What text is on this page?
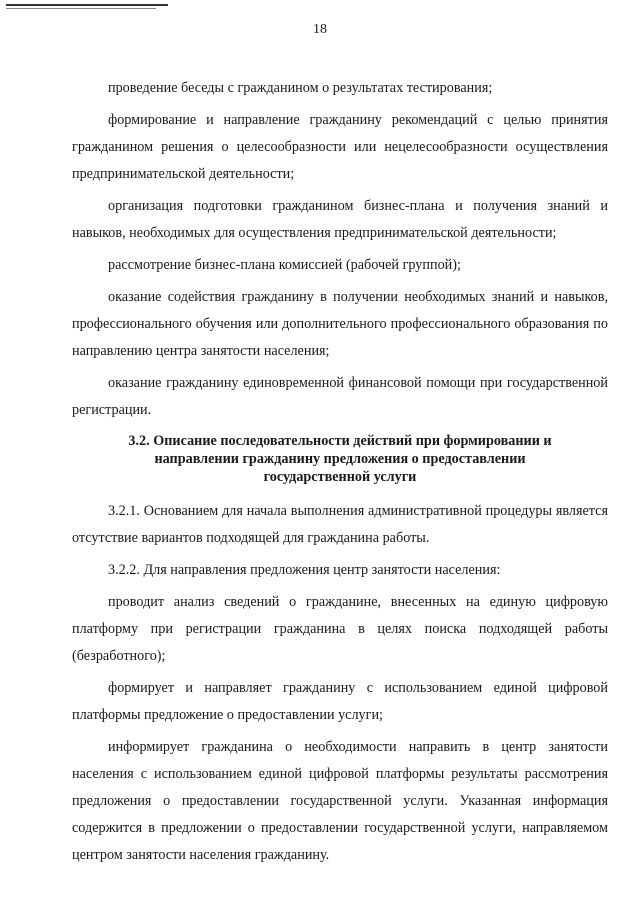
18

проведение беседы с гражданином о результатах тестирования;

формирование и направление гражданину рекомендаций с целью принятия гражданином решения о целесообразности или нецелесообразности осуществления предпринимательской деятельности;

организация подготовки гражданином бизнес-плана и получения знаний и навыков, необходимых для осуществления предпринимательской деятельности;

рассмотрение бизнес-плана комиссией (рабочей группой);

оказание содействия гражданину в получении необходимых знаний и навыков, профессионального обучения или дополнительного профессионального образования по направлению центра занятости населения;

оказание гражданину единовременной финансовой помощи при государственной регистрации.

3.2. Описание последовательности действий при формировании и направлении гражданину предложения о предоставлении государственной услуги

3.2.1. Основанием для начала выполнения административной процедуры является отсутствие вариантов подходящей для гражданина работы.

3.2.2. Для направления предложения центр занятости населения:

проводит анализ сведений о гражданине, внесенных на единую цифровую платформу при регистрации гражданина в целях поиска подходящей работы (безработного);

формирует и направляет гражданину с использованием единой цифровой платформы предложение о предоставлении услуги;

информирует гражданина о необходимости направить в центр занятости населения с использованием единой цифровой платформы результаты рассмотрения предложения о предоставлении государственной услуги. Указанная информация содержится в предложении о предоставлении государственной услуги, направляемом центром занятости населения гражданину.
